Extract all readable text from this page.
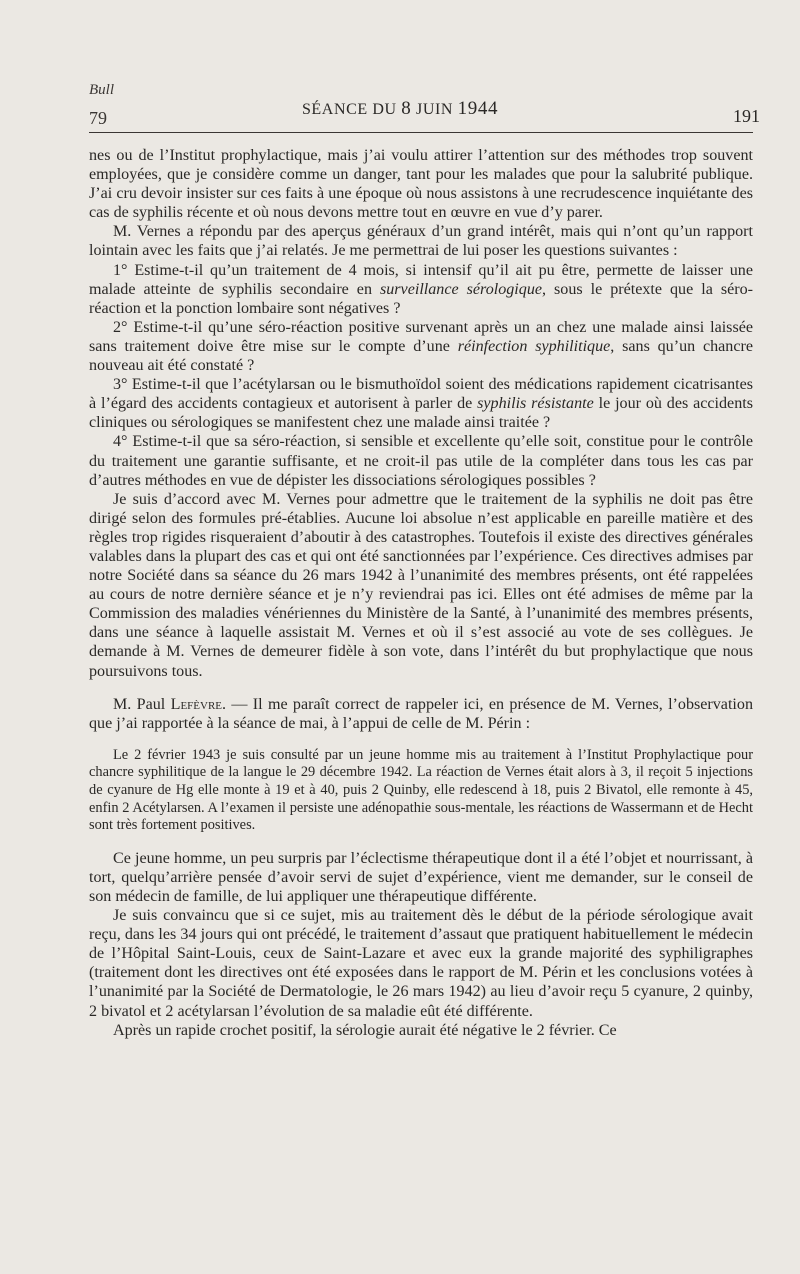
Bull

79	SÉANCE DU 8 JUIN 1944	191

nes ou de l’Institut prophylactique, mais j’ai voulu attirer l’attention sur des méthodes trop souvent employées, que je considère comme un danger, tant pour les malades que pour la salubrité publique. J’ai cru devoir insister sur ces faits à une époque où nous assistons à une recrudescence inquiétante des cas de syphilis récente et où nous devons mettre tout en œuvre en vue d’y parer.

M. Vernes a répondu par des aperçus généraux d’un grand intérêt, mais qui n’ont qu’un rapport lointain avec les faits que j’ai relatés. Je me permettrai de lui poser les questions suivantes :

1° Estime-t-il qu’un traitement de 4 mois, si intensif qu’il ait pu être, permette de laisser une malade atteinte de syphilis secondaire en surveillance sérologique, sous le prétexte que la séro-réaction et la ponction lombaire sont négatives ?

2° Estime-t-il qu’une séro-réaction positive survenant après un an chez une malade ainsi laissée sans traitement doive être mise sur le compte d’une réinfection syphilitique, sans qu’un chancre nouveau ait été constaté ?

3° Estime-t-il que l’acétylarsan ou le bismuthoïdol soient des médications rapidement cicatrisantes à l’égard des accidents contagieux et autorisent à parler de syphilis résistante le jour où des accidents cliniques ou sérologiques se manifestent chez une malade ainsi traitée ?

4° Estime-t-il que sa séro-réaction, si sensible et excellente qu’elle soit, constitue pour le contrôle du traitement une garantie suffisante, et ne croit-il pas utile de la compléter dans tous les cas par d’autres méthodes en vue de dépister les dissociations sérologiques possibles ?

Je suis d’accord avec M. Vernes pour admettre que le traitement de la syphilis ne doit pas être dirigé selon des formules pré-établies. Aucune loi absolue n’est applicable en pareille matière et des règles trop rigides risqueraient d’aboutir à des catastrophes. Toutefois il existe des directives générales valables dans la plupart des cas et qui ont été sanctionnées par l’expérience. Ces directives admises par notre Société dans sa séance du 26 mars 1942 à l’unanimité des membres présents, ont été rappelées au cours de notre dernière séance et je n’y reviendrai pas ici. Elles ont été admises de même par la Commission des maladies vénériennes du Ministère de la Santé, à l’unanimité des membres présents, dans une séance à laquelle assistait M. Vernes et où il s’est associé au vote de ses collègues. Je demande à M. Vernes de demeurer fidèle à son vote, dans l’intérêt du but prophylactique que nous poursuivons tous.

M. Paul Lefèvre. — Il me paraît correct de rappeler ici, en présence de M. Vernes, l’observation que j’ai rapportée à la séance de mai, à l’appui de celle de M. Périn :

Le 2 février 1943 je suis consulté par un jeune homme mis au traitement à l’Institut Prophylactique pour chancre syphilitique de la langue le 29 décembre 1942. La réaction de Vernes était alors à 3, il reçoit 5 injections de cyanure de Hg elle monte à 19 et à 40, puis 2 Quinby, elle redescend à 18, puis 2 Bivatol, elle remonte à 45, enfin 2 Acétylarsen. A l’examen il persiste une adénopathie sous-mentale, les réactions de Wassermann et de Hecht sont très fortement positives.

Ce jeune homme, un peu surpris par l’éclectisme thérapeutique dont il a été l’objet et nourrissant, à tort, quelqu’arrière pensée d’avoir servi de sujet d’expérience, vient me demander, sur le conseil de son médecin de famille, de lui appliquer une thérapeutique différente.

Je suis convaincu que si ce sujet, mis au traitement dès le début de la période sérologique avait reçu, dans les 34 jours qui ont précédé, le traitement d’assaut que pratiquent habituellement le médecin de l’Hôpital Saint-Louis, ceux de Saint-Lazare et avec eux la grande majorité des syphiligraphes (traitement dont les directives ont été exposées dans le rapport de M. Périn et les conclusions votées à l’unanimité par la Société de Dermatologie, le 26 mars 1942) au lieu d’avoir reçu 5 cyanure, 2 quinby, 2 bivatol et 2 acétylarsan l’évolution de sa maladie eût été différente.

Après un rapide crochet positif, la sérologie aurait été négative le 2 février. Ce
